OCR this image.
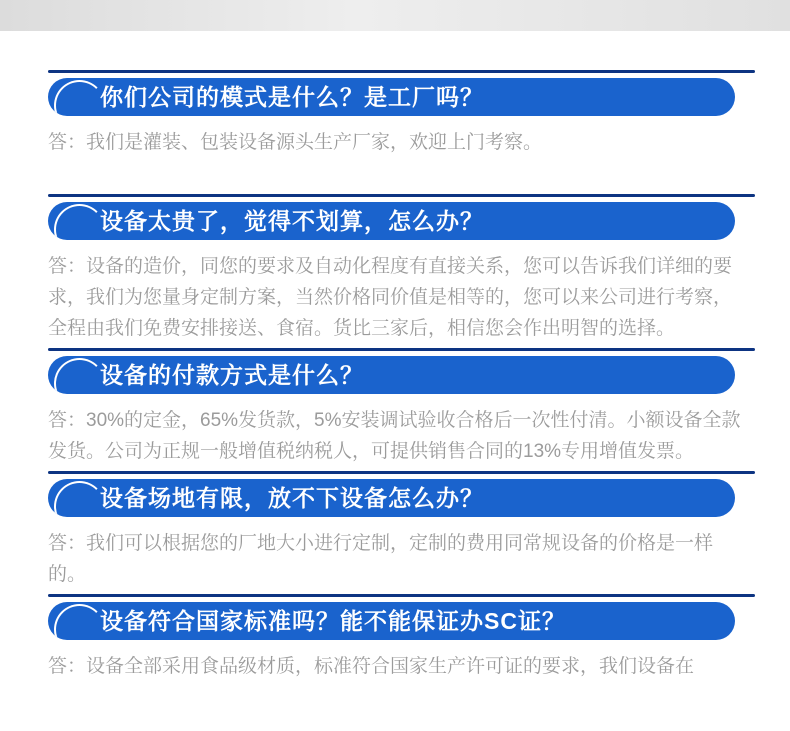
你们公司的模式是什么？是工厂吗？

答：我们是灌装、包装设备源头生产厂家，欢迎上门考察。

设备太贵了，觉得不划算，怎么办？

答：设备的造价，同您的要求及自动化程度有直接关系，您可以告诉我们详细的要求，我们为您量身定制方案，当然价格同价值是相等的，您可以来公司进行考察，全程由我们免费安排接送、食宿。货比三家后，相信您会作出明智的选择。

设备的付款方式是什么？

答：30%的定金，65%发货款，5%安装调试验收合格后一次性付清。小额设备全款发货。公司为正规一般增值税纳税人，可提供销售合同的13%专用增值发票。

设备场地有限，放不下设备怎么办？

答：我们可以根据您的厂地大小进行定制，定制的费用同常规设备的价格是一样的。

设备符合国家标准吗？能不能保证办SC证？

答：设备全部采用食品级材质，标准符合国家生产许可证的要求，我们设备在
